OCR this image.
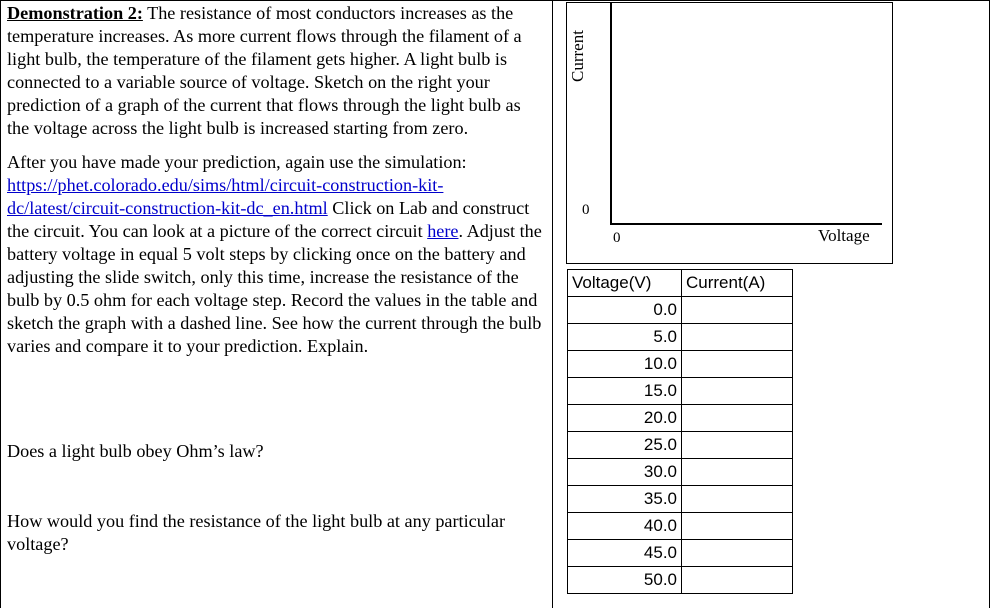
Demonstration 2: The resistance of most conductors increases as the temperature increases. As more current flows through the filament of a light bulb, the temperature of the filament gets higher. A light bulb is connected to a variable source of voltage. Sketch on the right your prediction of a graph of the current that flows through the light bulb as the voltage across the light bulb is increased starting from zero.

After you have made your prediction, again use the simulation: https://phet.colorado.edu/sims/html/circuit-construction-kit-dc/latest/circuit-construction-kit-dc_en.html Click on Lab and construct the circuit. You can look at a picture of the correct circuit here. Adjust the battery voltage in equal 5 volt steps by clicking once on the battery and adjusting the slide switch, only this time, increase the resistance of the bulb by 0.5 ohm for each voltage step. Record the values in the table and sketch the graph with a dashed line. See how the current through the bulb varies and compare it to your prediction. Explain.

Does a light bulb obey Ohm’s law?
How would you find the resistance of the light bulb at any particular voltage?
Current
Voltage
0
0
Voltage(V)	Current(A)
0.0	
5.0	
10.0	
15.0	
20.0	
25.0	
30.0	
35.0	
40.0	
45.0	
50.0	
